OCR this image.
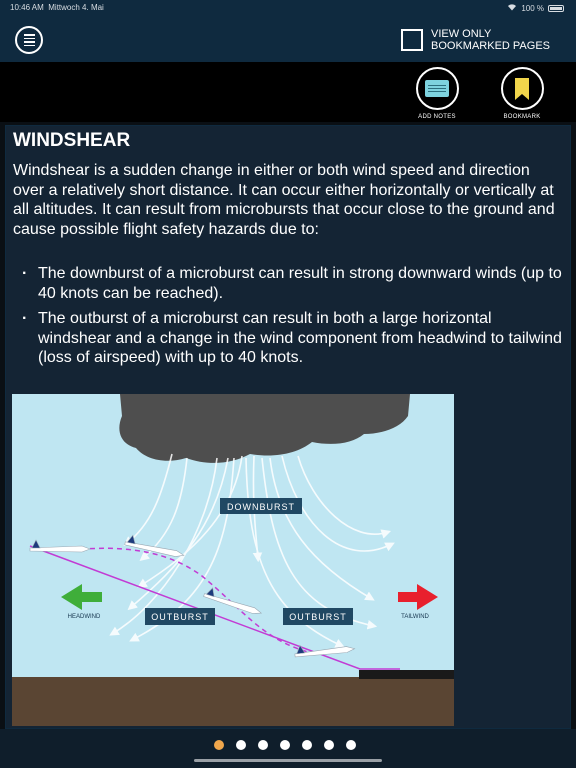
10:46 AM Mittwoch 4. Mai	100 %
VIEW ONLY
BOOKMARKED PAGES
ADD NOTES	BOOKMARK
WINDSHEAR
Windshear is a sudden change in either or both wind speed and direction over a relatively short distance. It can occur either horizontally or vertically at all altitudes. It can result from microbursts that occur close to the ground and cause possible flight safety hazards due to:
· The downburst of a microburst can result in strong downward winds (up to 40 knots can be reached).
· The outburst of a microburst can result in both a large horizontal windshear and a change in the wind component from headwind to tailwind (loss of airspeed) with up to 40 knots.
HEADWIND	TAILWIND
DOWNBURST
OUTBURST	OUTBURST
